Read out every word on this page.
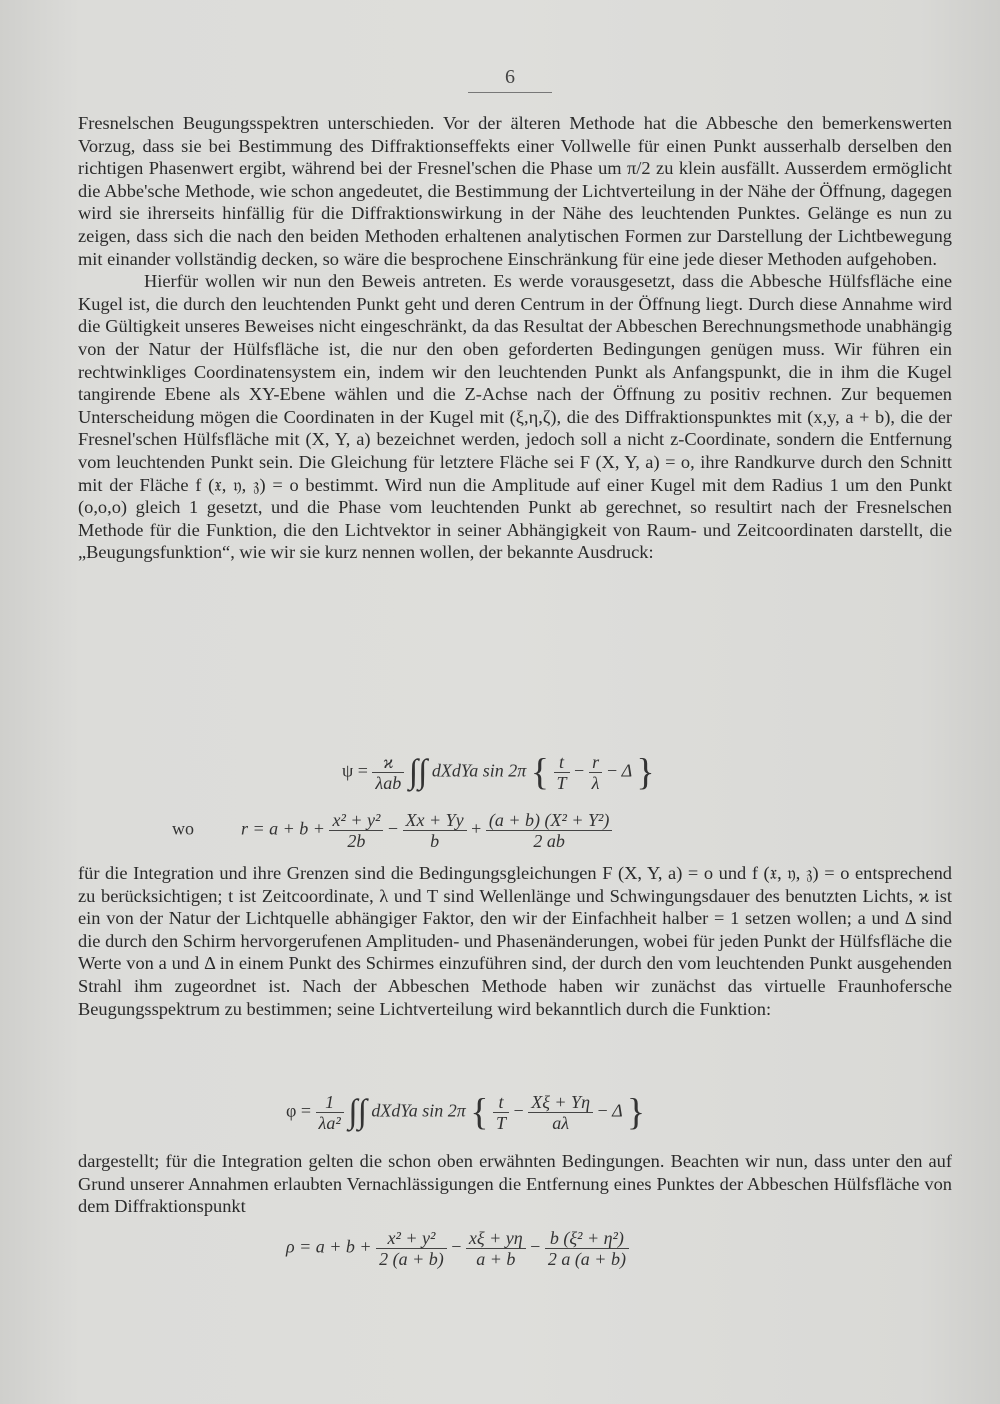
6

Fresnelschen Beugungsspektren unterschieden. Vor der älteren Methode hat die Abbesche den bemerkenswerten Vorzug, dass sie bei Bestimmung des Diffraktionseffekts einer Vollwelle für einen Punkt ausserhalb derselben den richtigen Phasenwert ergibt, während bei der Fresnel'schen die Phase um π/2 zu klein ausfällt. Ausserdem ermöglicht die Abbe'sche Methode, wie schon angedeutet, die Bestimmung der Lichtverteilung in der Nähe der Öffnung, dagegen wird sie ihrerseits hinfällig für die Diffraktionswirkung in der Nähe des leuchtenden Punktes. Gelänge es nun zu zeigen, dass sich die nach den beiden Methoden erhaltenen analytischen Formen zur Darstellung der Lichtbewegung mit einander vollständig decken, so wäre die besprochene Einschränkung für eine jede dieser Methoden aufgehoben.

Hierfür wollen wir nun den Beweis antreten. Es werde vorausgesetzt, dass die Abbesche Hülfsfläche eine Kugel ist, die durch den leuchtenden Punkt geht und deren Centrum in der Öffnung liegt. Durch diese Annahme wird die Gültigkeit unseres Beweises nicht eingeschränkt, da das Resultat der Abbeschen Berechnungsmethode unabhängig von der Natur der Hülfsfläche ist, die nur den oben geforderten Bedingungen genügen muss. Wir führen ein rechtwinkliges Coordinatensystem ein, indem wir den leuchtenden Punkt als Anfangspunkt, die in ihm die Kugel tangirende Ebene als XY-Ebene wählen und die Z-Achse nach der Öffnung zu positiv rechnen. Zur bequemen Unterscheidung mögen die Coordinaten in der Kugel mit (ξ,η,ζ), die des Diffraktionspunktes mit (x,y, a + b), die der Fresnel'schen Hülfsfläche mit (X, Y, a) bezeichnet werden, jedoch soll a nicht z-Coordinate, sondern die Entfernung vom leuchtenden Punkt sein. Die Gleichung für letztere Fläche sei F (X, Y, a) = o, ihre Randkurve durch den Schnitt mit der Fläche f (𝔵, 𝔶, 𝔷) = o bestimmt. Wird nun die Amplitude auf einer Kugel mit dem Radius 1 um den Punkt (o,o,o) gleich 1 gesetzt, und die Phase vom leuchtenden Punkt ab gerechnet, so resultirt nach der Fresnelschen Methode für die Funktion, die den Lichtvektor in seiner Abhängigkeit von Raum- und Zeitcoordinaten darstellt, die „Beugungsfunktion“, wie wir sie kurz nennen wollen, der bekannte Ausdruck:

$\psi = \frac{ϰ}{\text{λab}}$ ∫∫ dXdYa sin 2π { $\frac{t}{T} - \frac{r}{\lambda} - \Delta$ }
wo	$r = a + b + \frac{\text{x² + y²}}{2b} - \frac{Xx + Yy}{b} + \frac{\text{(a + b) (X² + Y²)}}{2 ab}$

für die Integration und ihre Grenzen sind die Bedingungsgleichungen F (X, Y, a) = o und f (𝔵, 𝔶, 𝔷) = o entsprechend zu berücksichtigen; t ist Zeitcoordinate, λ und T sind Wellenlänge und Schwingungsdauer des benutzten Lichts, ϰ ist ein von der Natur der Lichtquelle abhängiger Faktor, den wir der Einfachheit halber = 1 setzen wollen; a und Δ sind die durch den Schirm hervorgerufenen Amplituden- und Phasenänderungen, wobei für jeden Punkt der Hülfsfläche die Werte von a und Δ in einem Punkt des Schirmes einzuführen sind, der durch den vom leuchtenden Punkt ausgehenden Strahl ihm zugeordnet ist. Nach der Abbeschen Methode haben wir zunächst das virtuelle Fraunhofersche Beugungsspektrum zu bestimmen; seine Lichtverteilung wird bekanntlich durch die Funktion:

$\varphi = \frac{1}{\text{λa²}}$ ∫∫ dXdYa sin 2π { $\frac{t}{T} - \frac{X\xi + Y\eta}{a\lambda} - \Delta$ }

dargestellt; für die Integration gelten die schon oben erwähnten Bedingungen. Beachten wir nun, dass unter den auf Grund unserer Annahmen erlaubten Vernachlässigungen die Entfernung eines Punktes der Abbeschen Hülfsfläche von dem Diffraktionspunkt

$\rho = a + b + \frac{\text{x² + y²}}{2 (a + b)} - \frac{x\xi + y\eta}{a + b} - \frac{\text{b (ξ² + η²)}}{2 a (a + b)}$
